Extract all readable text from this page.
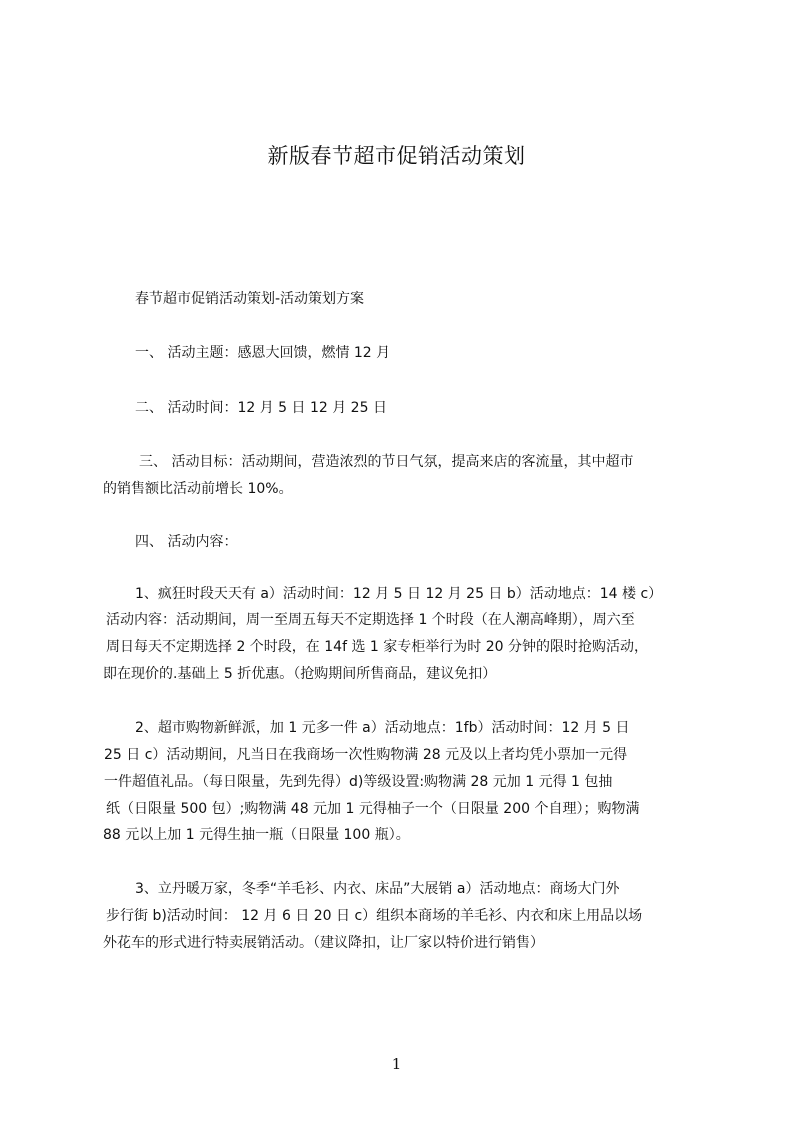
新版春节超市促销活动策划
春节超市促销活动策划-活动策划方案
一、 活动主题：感恩大回馈，燃情 12 月
二、 活动时间：12 月 5 日 12 月 25 日
三、 活动目标：活动期间，营造浓烈的节日气氛，提高来店的客流量，其中超市
的销售额比活动前增长 10%。
四、 活动内容：
1、疯狂时段天天有 a）活动时间：12 月 5 日 12 月 25 日 b）活动地点：14 楼 c）
活动内容：活动期间，周一至周五每天不定期选择 1 个时段（在人潮高峰期），周六至
周日每天不定期选择 2 个时段，在 14f 选 1 家专柜举行为时 20 分钟的限时抢购活动，
即在现价的.基础上 5 折优惠。（抢购期间所售商品，建议免扣）
2、超市购物新鲜派，加 1 元多一件 a）活动地点：1fb）活动时间：12 月 5 日
25 日 c）活动期间，凡当日在我商场一次性购物满 28 元及以上者均凭小票加一元得
一件超值礼品。（每日限量，先到先得）d)等级设置:购物满 28 元加 1 元得 1 包抽
纸（日限量 500 包）;购物满 48 元加 1 元得柚子一个（日限量 200 个自理）；购物满
88 元以上加 1 元得生抽一瓶（日限量 100 瓶）。
3、立丹暖万家，冬季“羊毛衫、内衣、床品”大展销 a）活动地点：商场大门外
步行街 b)活动时间： 12 月 6 日 20 日 c）组织本商场的羊毛衫、内衣和床上用品以场
外花车的形式进行特卖展销活动。（建议降扣，让厂家以特价进行销售）
1
